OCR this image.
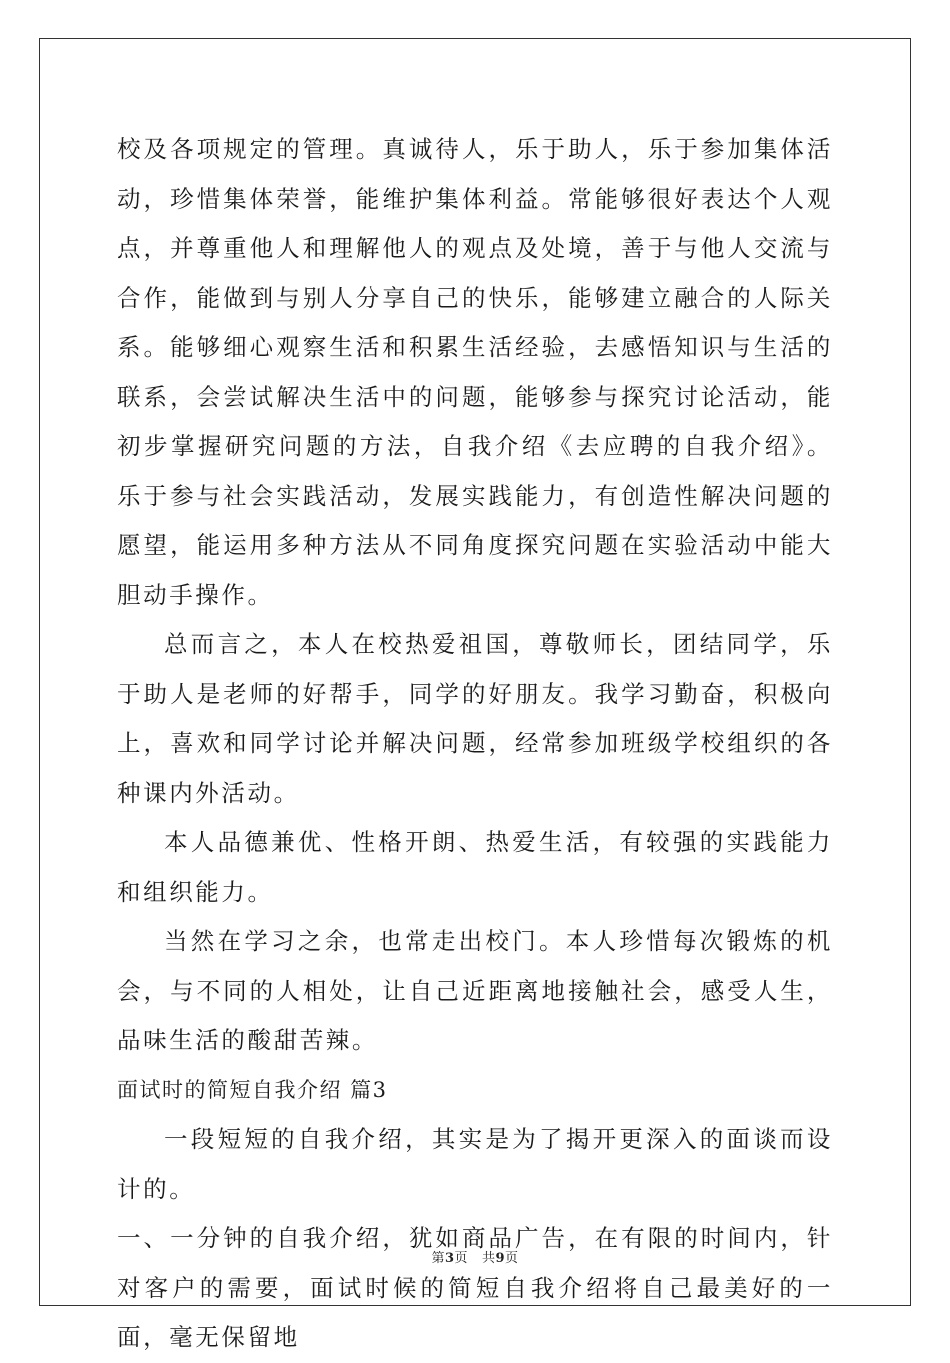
校及各项规定的管理。真诚待人，乐于助人，乐于参加集体活动，珍惜集体荣誉，能维护集体利益。常能够很好表达个人观点，并尊重他人和理解他人的观点及处境，善于与他人交流与合作，能做到与别人分享自己的快乐，能够建立融合的人际关系。能够细心观察生活和积累生活经验，去感悟知识与生活的联系，会尝试解决生活中的问题，能够参与探究讨论活动，能初步掌握研究问题的方法，自我介绍《去应聘的自我介绍》。乐于参与社会实践活动，发展实践能力，有创造性解决问题的愿望，能运用多种方法从不同角度探究问题在实验活动中能大胆动手操作。

总而言之，本人在校热爱祖国，尊敬师长，团结同学，乐于助人是老师的好帮手，同学的好朋友。我学习勤奋，积极向上，喜欢和同学讨论并解决问题，经常参加班级学校组织的各种课内外活动。

本人品德兼优、性格开朗、热爱生活，有较强的实践能力和组织能力。

当然在学习之余，也常走出校门。本人珍惜每次锻炼的机会，与不同的人相处，让自己近距离地接触社会，感受人生，品味生活的酸甜苦辣。

面试时的简短自我介绍 篇3

一段短短的自我介绍，其实是为了揭开更深入的面谈而设计的。

一、一分钟的自我介绍，犹如商品广告，在有限的时间内，针对客户的需要，面试时候的简短自我介绍将自己最美好的一面，毫无保留地

第3页   共9页
